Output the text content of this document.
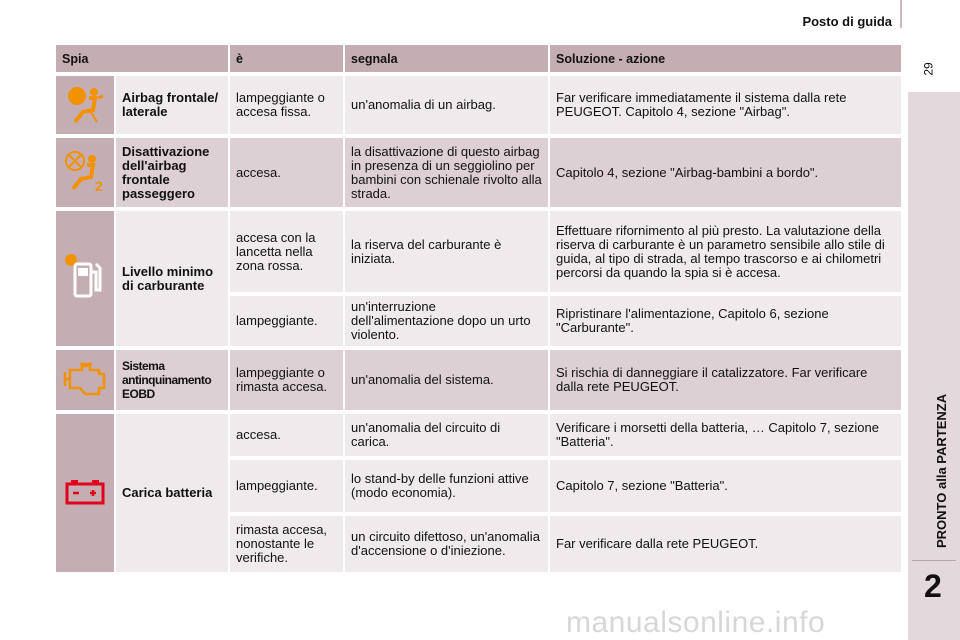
Posto di guida
29
PRONTO alla PARTENZA
2
Spia		è	segnala	Soluzione - azione
	Airbag frontale/ laterale	lampeggiante o accesa fissa.	un'anomalia di un airbag.	Far verificare immediatamente il sistema dalla rete PEUGEOT. Capitolo 4, sezione "Airbag".

2	Disattivazione dell'airbag frontale passeggero	accesa.	la disattivazione di questo airbag in presenza di un seggiolino per bambini con schienale rivolto alla strada.	Capitolo 4, sezione "Airbag-bambini a bordo".
	Livello minimo di carburante	accesa con la lancetta nella zona rossa.	la riserva del carburante è iniziata.	Effettuare rifornimento al più presto. La valutazione della riserva di carburante è un parametro sensibile allo stile di guida, al tipo di strada, al tempo trascorso e ai chilometri percorsi da quando la spia si è accesa.
		lampeggiante.	un'interruzione dell'alimentazione dopo un urto violento.	Ripristinare l'alimentazione, Capitolo 6, sezione "Carburante".
	Sistema antinquinamento EOBD	lampeggiante o rimasta accesa.	un'anomalia del sistema.	Si rischia di danneggiare il catalizzatore. Far verificare dalla rete PEUGEOT.
	Carica batteria	accesa.	un'anomalia del circuito di carica.	Verificare i morsetti della batteria, … Capitolo 7, sezione "Batteria".
		lampeggiante.	lo stand-by delle funzioni attive (modo economia).	Capitolo 7, sezione "Batteria".
		rimasta accesa, nonostante le verifiche.	un circuito difettoso, un'anomalia d'accensione o d'iniezione.	Far verificare dalla rete PEUGEOT.
manualsonline.info
